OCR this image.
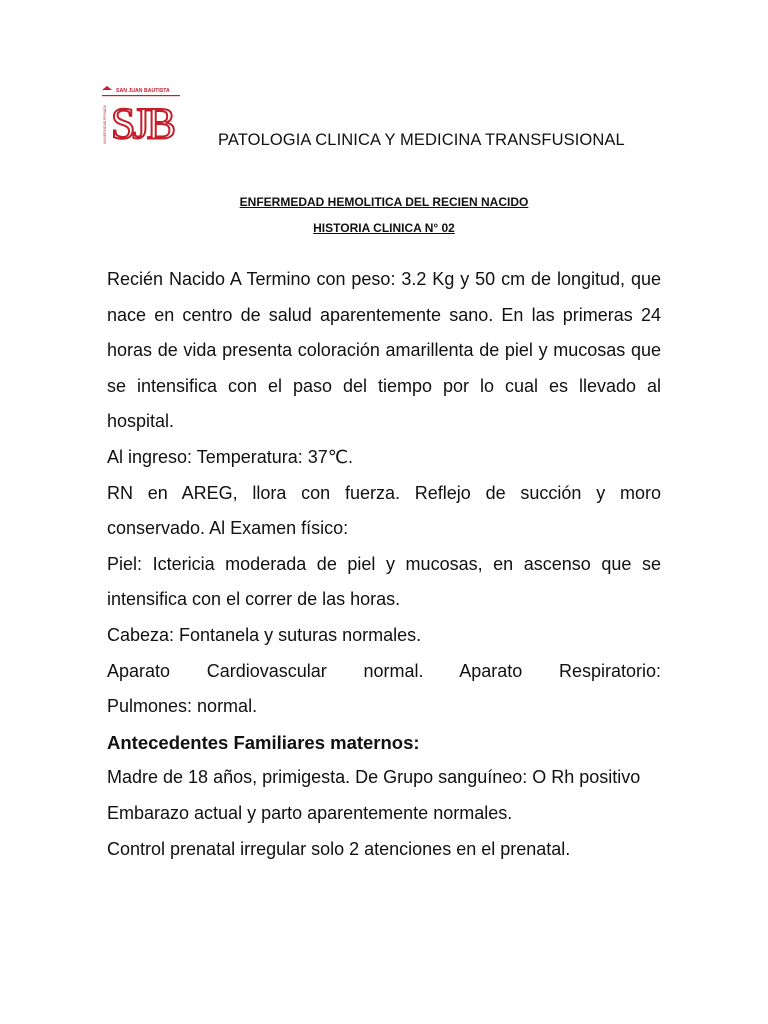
SAN JUAN BAUTISTA
UNIVERSIDAD PRIVADA SJB	PATOLOGIA CLINICA Y MEDICINA TRANSFUSIONAL
ENFERMEDAD HEMOLITICA DEL RECIEN NACIDO
HISTORIA CLINICA N° 02

Recién Nacido A Termino con peso: 3.2 Kg y 50 cm de longitud, que nace en centro de salud aparentemente sano. En las primeras 24 horas de vida presenta coloración amarillenta de piel y mucosas que se intensifica con el paso del tiempo por lo cual es llevado al hospital.

Al ingreso: Temperatura: 37℃.

RN en AREG, llora con fuerza. Reflejo de succión y moro conservado. Al Examen físico:

Piel: Ictericia moderada de piel y mucosas, en ascenso que se intensifica con el correr de las horas.

Cabeza: Fontanela y suturas normales.

Aparato Cardiovascular normal. Aparato Respiratorio:

Pulmones: normal.

Antecedentes Familiares maternos:

Madre de 18 años, primigesta. De Grupo sanguíneo: O Rh positivo

Embarazo actual y parto aparentemente normales.

Control prenatal irregular solo 2 atenciones en el prenatal.
